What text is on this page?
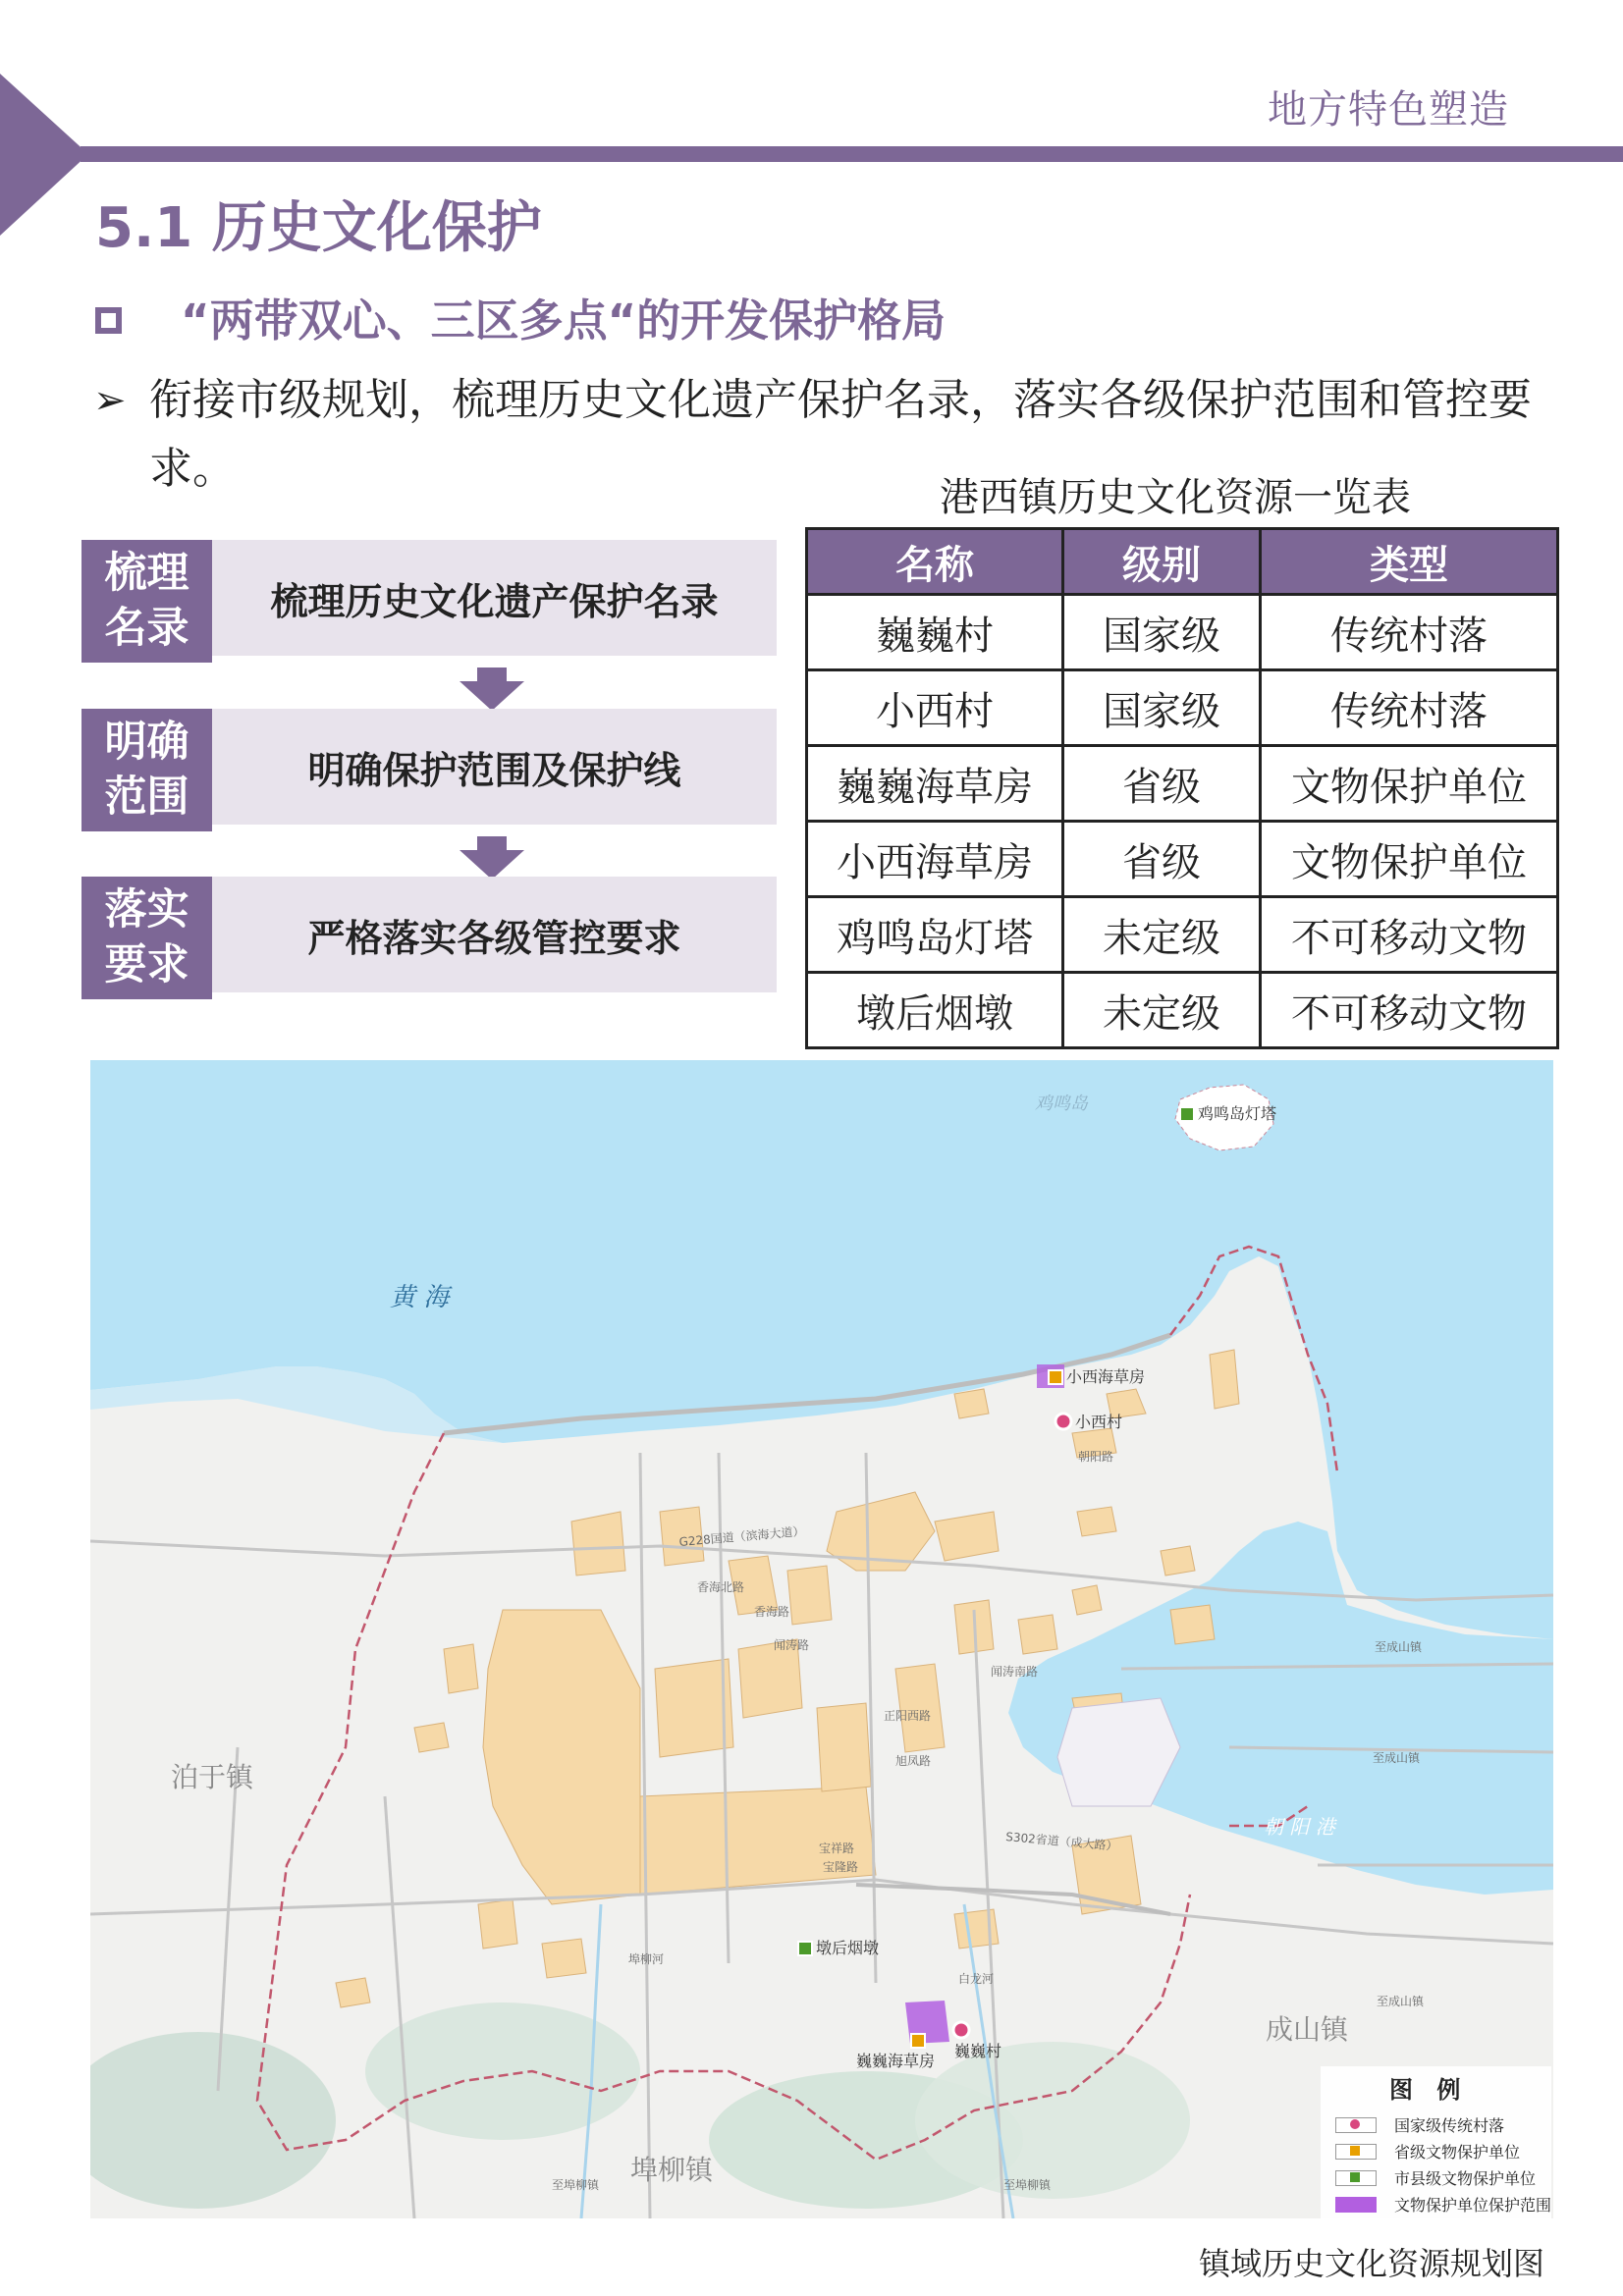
地方特色塑造
5.1 历史文化保护
“两带双心、三区多点“的开发保护格局
➢ 衔接市级规划，梳理历史文化遗产保护名录，落实各级保护范围和管控要求。
梳理
名录
梳理历史文化遗产保护名录
明确
范围
明确保护范围及保护线
落实
要求
严格落实各级管控要求
港西镇历史文化资源一览表
名称	级别	类型
巍巍村	国家级	传统村落
小西村	国家级	传统村落
巍巍海草房	省级	文物保护单位
小西海草房	省级	文物保护单位
鸡鸣岛灯塔	未定级	不可移动文物
墩后烟墩	未定级	不可移动文物
黄 海
鸡鸣岛
朝 阳 港
泊于镇
埠柳镇
成山镇
鸡鸣岛灯塔
小西海草房
小西村
墩后烟墩
巍巍海草房
巍巍村
G228国道（滨海大道）
朝阳路
香海北路
香海路
闻涛路
闻涛南路
正阳西路
旭凤路
S302省道（成大路）
宝祥路
宝隆路
至成山镇
至成山镇
至成山镇
埠柳河
白龙河
至埠柳镇	至埠柳镇
图 例
国家级传统村落
省级文物保护单位
市县级文物保护单位
文物保护单位保护范围
镇域历史文化资源规划图
